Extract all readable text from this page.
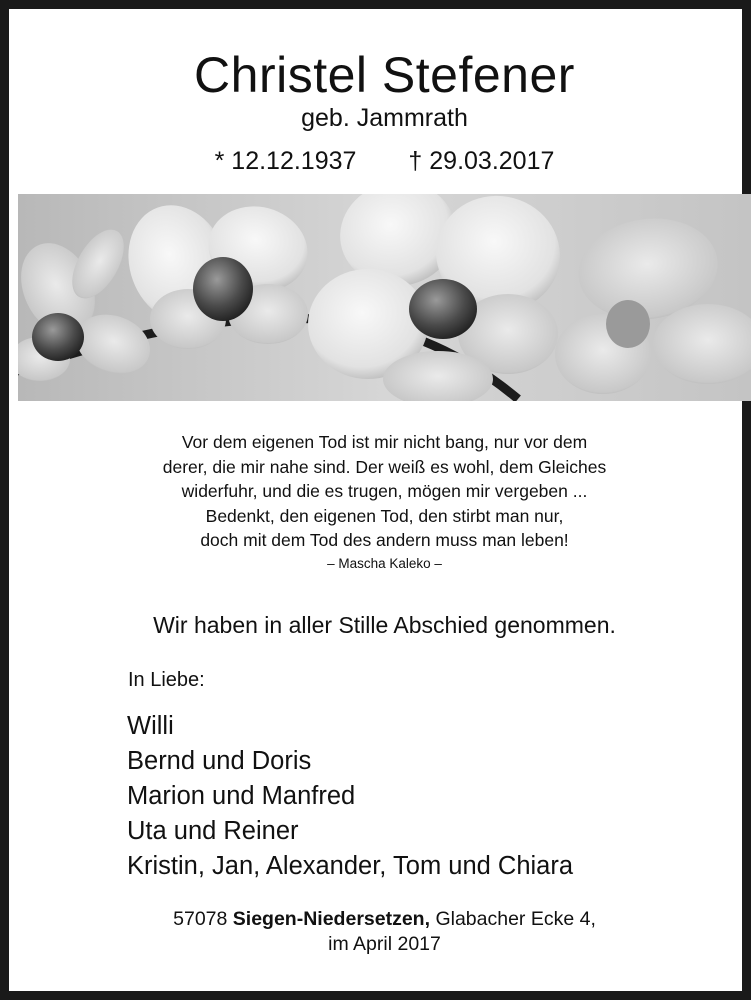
Christel Stefener
geb. Jammrath
* 12.12.1937 † 29.03.2017
Vor dem eigenen Tod ist mir nicht bang, nur vor dem
derer, die mir nahe sind. Der weiß es wohl, dem Gleiches
widerfuhr, und die es trugen, mögen mir vergeben ...
Bedenkt, den eigenen Tod, den stirbt man nur,
doch mit dem Tod des andern muss man leben!
– Mascha Kaleko –
Wir haben in aller Stille Abschied genommen.
In Liebe:
Willi
Bernd und Doris
Marion und Manfred
Uta und Reiner
Kristin, Jan, Alexander, Tom und Chiara
57078 Siegen-Niedersetzen, Glabacher Ecke 4,
im April 2017
